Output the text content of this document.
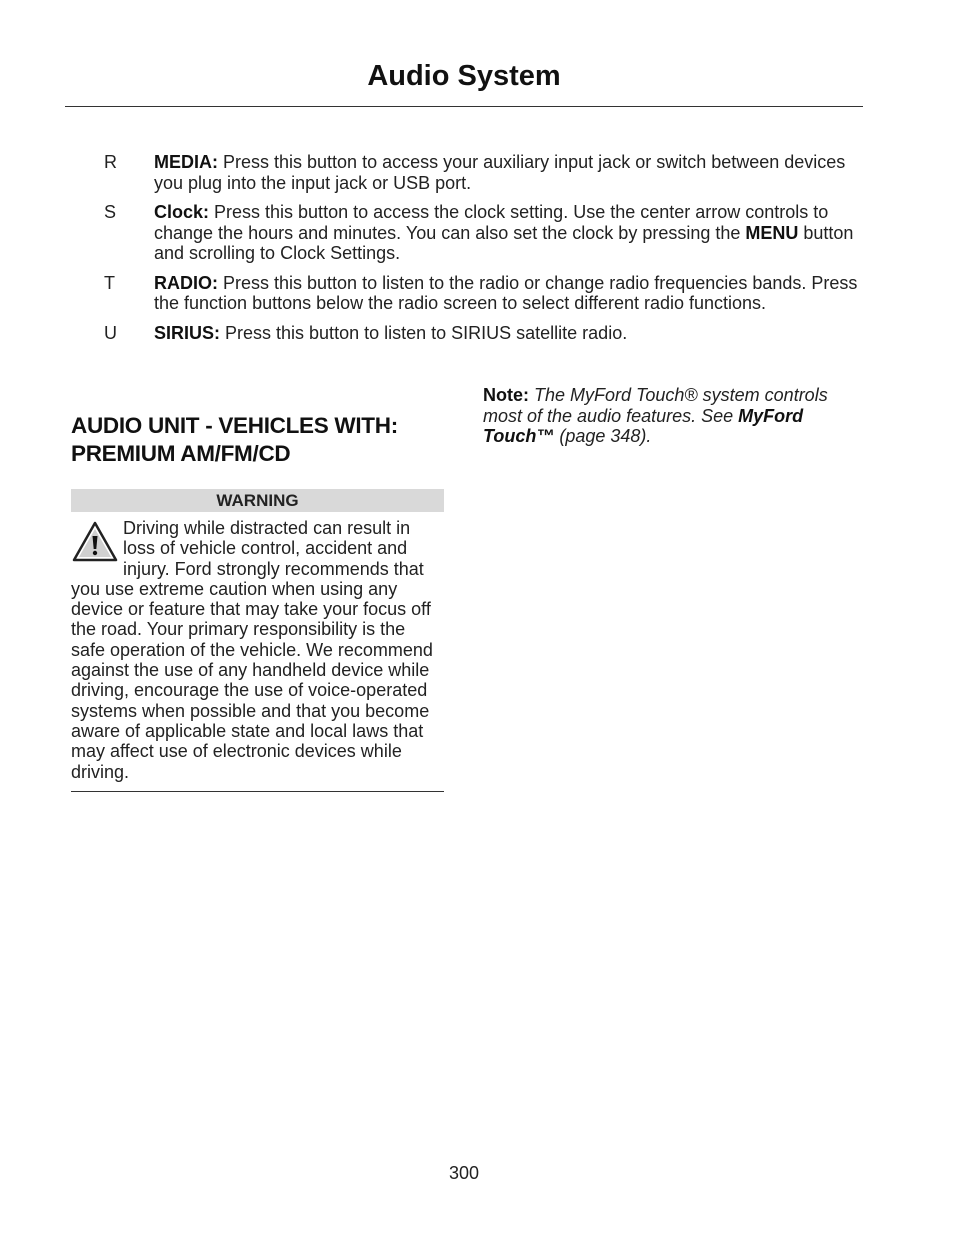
Audio System
R	MEDIA: Press this button to access your auxiliary input jack or switch between devices you plug into the input jack or USB port.
S	Clock: Press this button to access the clock setting. Use the center arrow controls to change the hours and minutes. You can also set the clock by pressing the MENU button and scrolling to Clock Settings.
T	RADIO: Press this button to listen to the radio or change radio frequencies bands. Press the function buttons below the radio screen to select different radio functions.
U	SIRIUS: Press this button to listen to SIRIUS satellite radio.
AUDIO UNIT - VEHICLES WITH:
PREMIUM AM/FM/CD
WARNING
Driving while distracted can result in loss of vehicle control, accident and injury. Ford strongly recommends that you use extreme caution when using any device or feature that may take your focus off the road. Your primary responsibility is the safe operation of the vehicle. We recommend against the use of any handheld device while driving, encourage the use of voice-operated systems when possible and that you become aware of applicable state and local laws that may affect use of electronic devices while driving.
Note: The MyFord Touch® system controls most of the audio features. See MyFord Touch™ (page 348).
300
